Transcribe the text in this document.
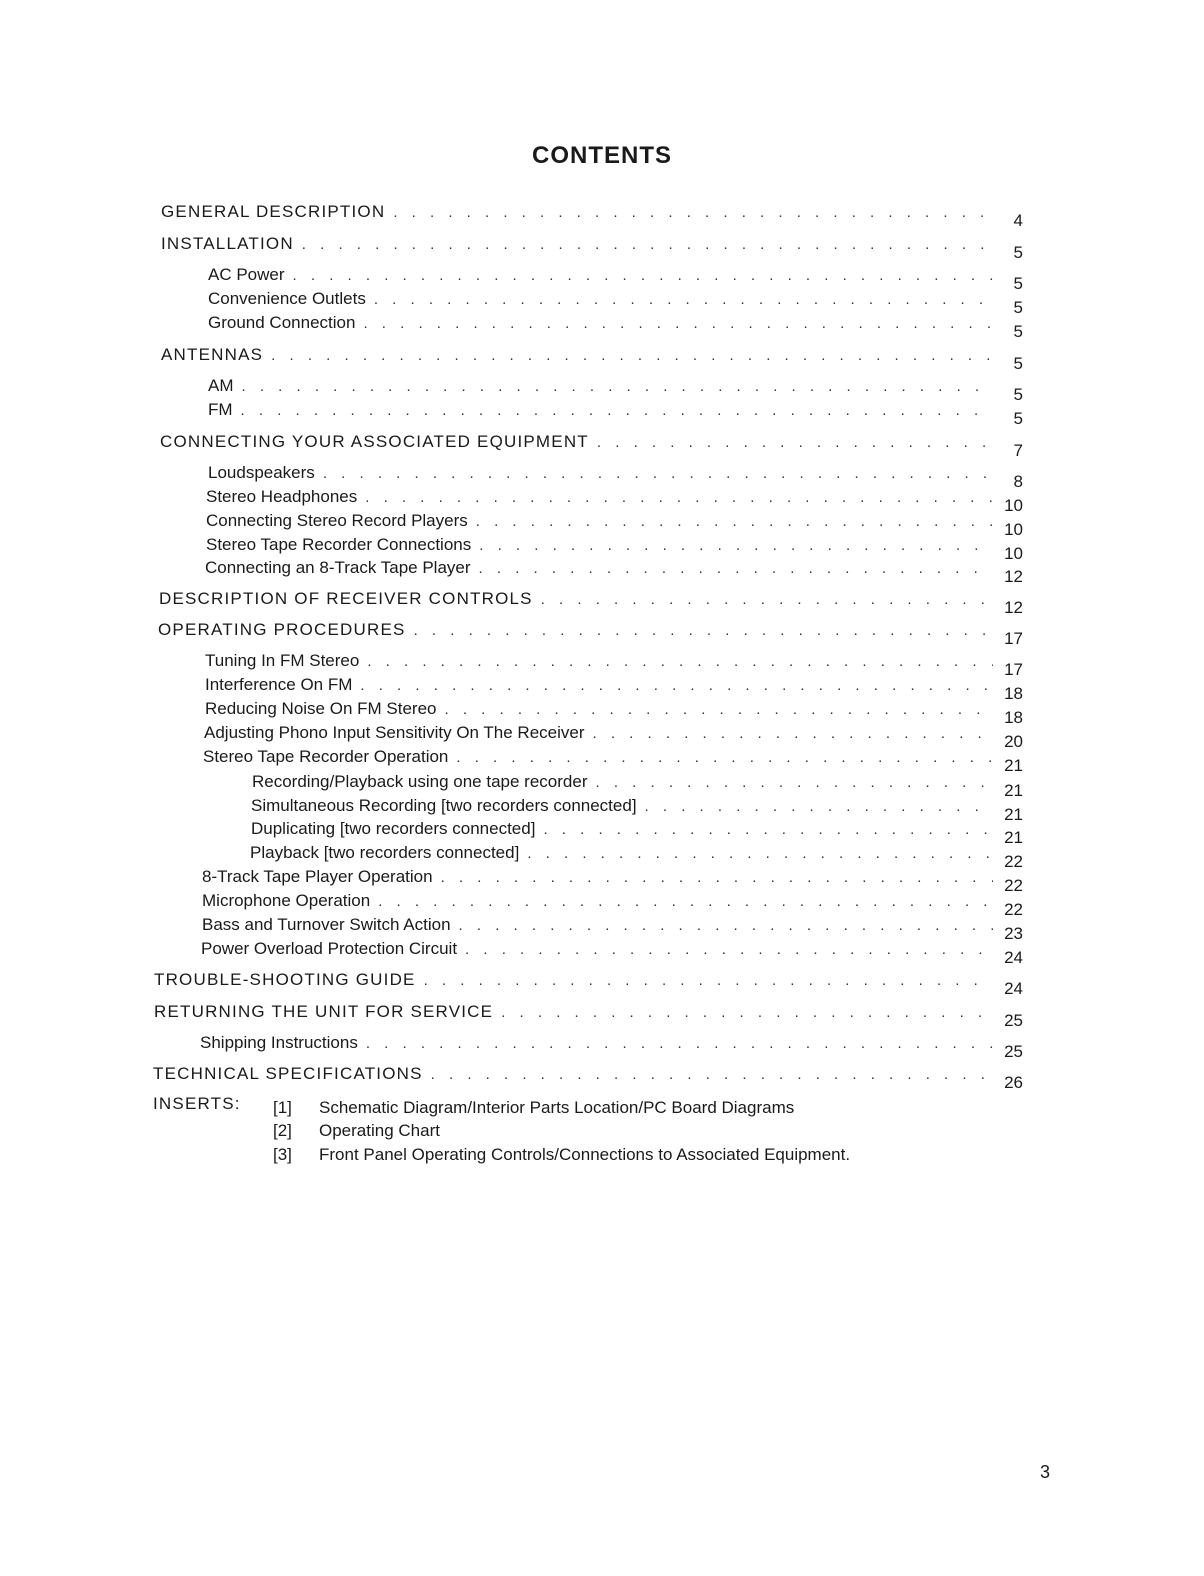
CONTENTS
GENERAL DESCRIPTION . . .	4
INSTALLATION . . .	5
AC Power . . .	5
Convenience Outlets . . .	5
Ground Connection . . .	5
ANTENNAS . . .	5
AM . . .	5
FM . . .	5
CONNECTING YOUR ASSOCIATED EQUIPMENT . . .	7
Loudspeakers . . .	8
Stereo Headphones . . .	10
Connecting Stereo Record Players . . .	10
Stereo Tape Recorder Connections . . .	10
Connecting an 8-Track Tape Player . . .	12
DESCRIPTION OF RECEIVER CONTROLS . . .	12
OPERATING PROCEDURES . . .	17
Tuning In FM Stereo . . .	17
Interference On FM . . .	18
Reducing Noise On FM Stereo . . .	18
Adjusting Phono Input Sensitivity On The Receiver . . .	20
Stereo Tape Recorder Operation . . .	21
Recording/Playback using one tape recorder . . .	21
Simultaneous Recording [two recorders connected] . . .	21
Duplicating [two recorders connected] . . .	21
Playback [two recorders connected] . . .	22
8-Track Tape Player Operation . . .	22
Microphone Operation . . .	22
Bass and Turnover Switch Action . . .	23
Power Overload Protection Circuit . . .	24
TROUBLE-SHOOTING GUIDE . . .	24
RETURNING THE UNIT FOR SERVICE . . .	25
Shipping Instructions . . .	25
TECHNICAL SPECIFICATIONS . . .	26
INSERTS: [1] Schematic Diagram/Interior Parts Location/PC Board Diagrams
[2] Operating Chart
[3] Front Panel Operating Controls/Connections to Associated Equipment.
3
